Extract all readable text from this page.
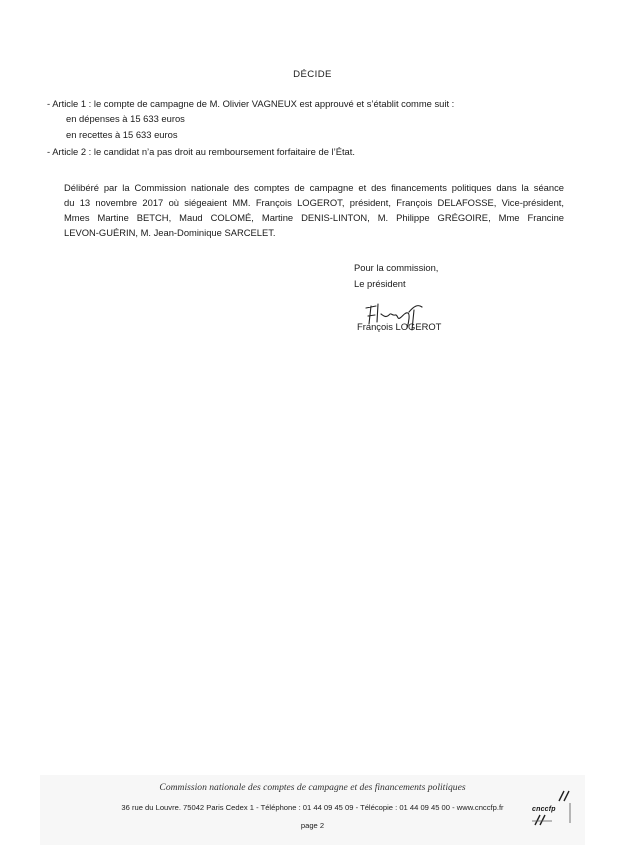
DÉCIDE
- Article 1 : le compte de campagne de M. Olivier VAGNEUX est approuvé et s’établit comme suit :
en dépenses à 15 633 euros
en recettes à 15 633 euros
- Article 2 : le candidat n’a pas droit au remboursement forfaitaire de l’État.
Délibéré par la Commission nationale des comptes de campagne et des financements politiques dans la séance
du 13 novembre 2017 où siégeaient MM. François LOGEROT, président, François DELAFOSSE, Vice-président,
Mmes Martine BETCH, Maud COLOMÉ, Martine DENIS-LINTON, M. Philippe GRÉGOIRE, Mme Francine
LEVON-GUÉRIN, M. Jean-Dominique SARCELET.
Pour la commission,
Le président
François LOGEROT
Commission nationale des comptes de campagne et des financements politiques
36 rue du Louvre. 75042 Paris Cedex 1 - Téléphone : 01 44 09 45 09 - Télécopie : 01 44 09 45 00 - www.cnccfp.fr
page 2
cnccfp
